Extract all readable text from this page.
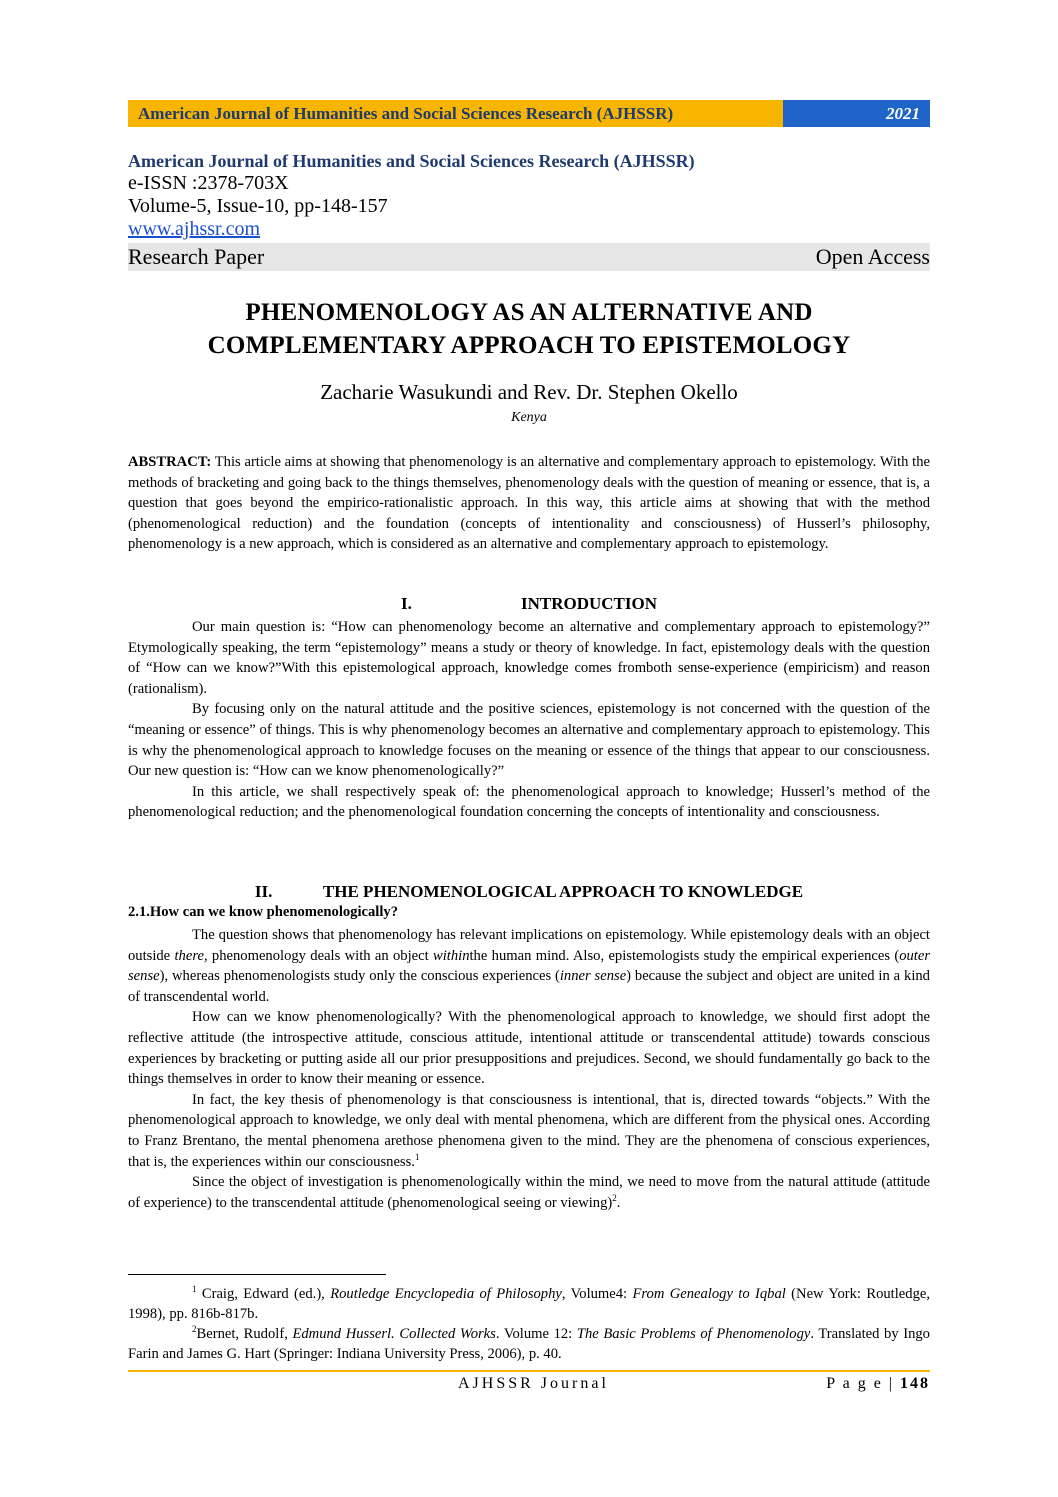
American Journal of Humanities and Social Sciences Research (AJHSSR)	2021
American Journal of Humanities and Social Sciences Research (AJHSSR)
e-ISSN :2378-703X
Volume-5, Issue-10, pp-148-157
www.ajhssr.com
Research Paper	Open Access
PHENOMENOLOGY AS AN ALTERNATIVE AND
COMPLEMENTARY APPROACH TO EPISTEMOLOGY
Zacharie Wasukundi and Rev. Dr. Stephen Okello
Kenya
ABSTRACT: This article aims at showing that phenomenology is an alternative and complementary approach to epistemology. With the methods of bracketing and going back to the things themselves, phenomenology deals with the question of meaning or essence, that is, a question that goes beyond the empirico-rationalistic approach. In this way, this article aims at showing that with the method (phenomenological reduction) and the foundation (concepts of intentionality and consciousness) of Husserl’s philosophy, phenomenology is a new approach, which is considered as an alternative and complementary approach to epistemology.
I.	INTRODUCTION

Our main question is: “How can phenomenology become an alternative and complementary approach to epistemology?” Etymologically speaking, the term “epistemology” means a study or theory of knowledge. In fact, epistemology deals with the question of “How can we know?”With this epistemological approach, knowledge comes fromboth sense-experience (empiricism) and reason (rationalism).

By focusing only on the natural attitude and the positive sciences, epistemology is not concerned with the question of the “meaning or essence” of things. This is why phenomenology becomes an alternative and complementary approach to epistemology. This is why the phenomenological approach to knowledge focuses on the meaning or essence of the things that appear to our consciousness. Our new question is: “How can we know phenomenologically?”

In this article, we shall respectively speak of: the phenomenological approach to knowledge; Husserl’s method of the phenomenological reduction; and the phenomenological foundation concerning the concepts of intentionality and consciousness.

II.	THE PHENOMENOLOGICAL APPROACH TO KNOWLEDGE
2.1.How can we know phenomenologically?

The question shows that phenomenology has relevant implications on epistemology. While epistemology deals with an object outside there, phenomenology deals with an object withinthe human mind. Also, epistemologists study the empirical experiences (outer sense), whereas phenomenologists study only the conscious experiences (inner sense) because the subject and object are united in a kind of transcendental world.

How can we know phenomenologically? With the phenomenological approach to knowledge, we should first adopt the reflective attitude (the introspective attitude, conscious attitude, intentional attitude or transcendental attitude) towards conscious experiences by bracketing or putting aside all our prior presuppositions and prejudices. Second, we should fundamentally go back to the things themselves in order to know their meaning or essence.

In fact, the key thesis of phenomenology is that consciousness is intentional, that is, directed towards “objects.” With the phenomenological approach to knowledge, we only deal with mental phenomena, which are different from the physical ones. According to Franz Brentano, the mental phenomena arethose phenomena given to the mind. They are the phenomena of conscious experiences, that is, the experiences within our consciousness.$^1$

Since the object of investigation is phenomenologically within the mind, we need to move from the natural attitude (attitude of experience) to the transcendental attitude (phenomenological seeing or viewing)$^2$.

$^1$ Craig, Edward (ed.), Routledge Encyclopedia of Philosophy, Volume4: From Genealogy to Iqbal (New York: Routledge, 1998), pp. 816b-817b.

$^2$Bernet, Rudolf, Edmund Husserl. Collected Works. Volume 12: The Basic Problems of Phenomenology. Translated by Ingo Farin and James G. Hart (Springer: Indiana University Press, 2006), p. 40.

AJHSSR Journal	P a g e | 148
